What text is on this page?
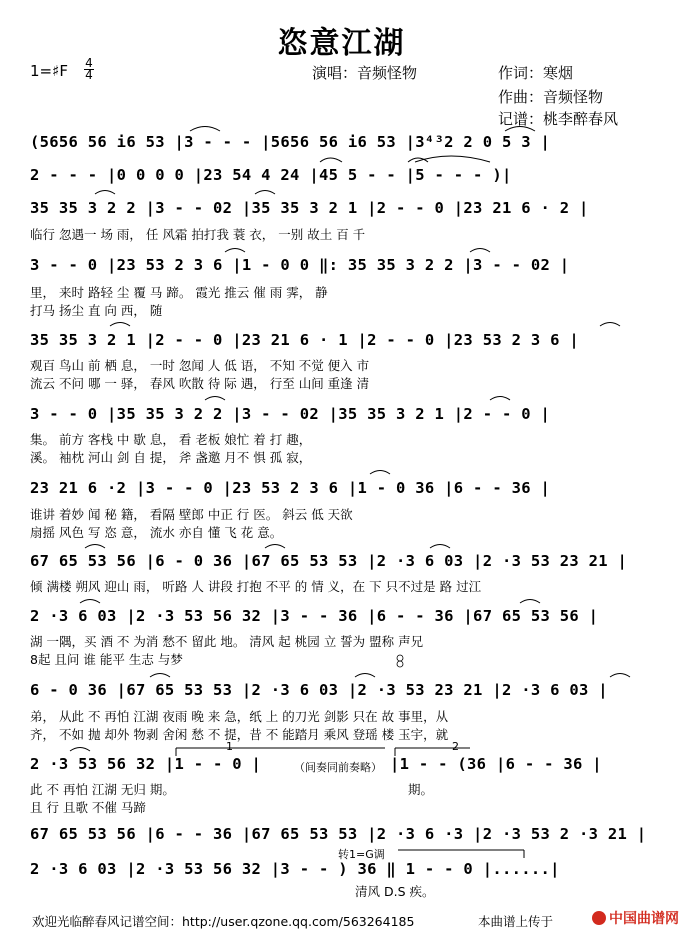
恣意江湖
1=♯F 4
4	演唱：音频怪物	作词：寒烟
作曲：音频怪物
记谱：桃李醉春风
(5656 56 i6 53 |3 - - - |5656 56 i6 53 |3⁴³2 2 0 5 3 |
2 - - - |0 0 0 0 |23 54 4 24 |45 5 - - |5 - - - )|
35 35 3 2 2 |3 - - 02 |35 35 3 2 1 |2 - - 0 |23 21 6 · 2 |
临行 忽遇一 场 雨， 任 风霜 拍打我 蓑 衣， 一别 故土 百 千
3 - - 0 |23 53 2 3 6 |1 - 0 0 ‖: 35 35 3 2 2 |3 - - 02 |
里， 来时 路轻 尘 覆 马 蹄。 霞光 推云 催 雨 霁， 静
打马 扬尘 直 向 西， 随
35 35 3 2 1 |2 - - 0 |23 21 6 · 1 |2 - - 0 |23 53 2 3 6 |
观百 鸟山 前 栖 息， 一时 忽闻 人 低 语， 不知 不觉 便入 市
流云 不问 哪 一 驿， 春风 吹散 待 际 遇， 行至 山间 重逢 清
3 - - 0 |35 35 3 2 2 |3 - - 02 |35 35 3 2 1 |2 - - 0 |
集。 前方 客栈 中 歇 息， 看 老板 娘忙 着 打 趣，
溪。 袖枕 河山 剑 自 提， 斧 盏邀 月不 惧 孤 寂，
23 21 6 ·2 |3 - - 0 |23 53 2 3 6 |1 - 0 36 |6 - - 36 |
谁讲 着妙 闻 秘 籍， 看隔 壁郎 中正 行 医。 斜云 低 天欲
扇摇 风色 写 恣 意， 流水 亦自 懂 飞 花 意。
67 65 53 56 |6 - 0 36 |67 65 53 53 |2 ·3 6 03 |2 ·3 53 23 21 |
倾 满楼 朔风 迎山 雨， 听路 人 讲段 打抱 不平 的 情 义，在 下 只不过是 路 过江
2 ·3 6 03 |2 ·3 53 56 32 |3 - - 36 |6 - - 36 |67 65 53 56 |
湖 一隅，买 酒 不 为消 愁不 留此 地。 清风 起 桃园 立 誓为 盟称 声兄
8起 且问 谁 能平 生志 与梦
6 - 0 36 |67 65 53 53 |2 ·3 6 03 |2 ·3 53 23 21 |2 ·3 6 03 |
弟， 从此 不 再怕 江湖 夜雨 晚 来 急，纸 上 的刀光 剑影 只在 故 事里，从
齐， 不如 抛 却外 物剥 舍闲 愁 不 提，昔 不 能踏月 乘风 登瑶 楼 玉宇，就
2 ·3 53 56 32 |1 - - 0 |	（间奏同前奏略） |1 - - (36 |6 - - 36 |
1	2
此 不 再怕 江湖 无归 期。	期。
且 行 且歌 不催 马蹄
67 65 53 56 |6 - - 36 |67 65 53 53 |2 ·3 6 ·3 |2 ·3 53 2 ·3 21 |
转1=G调
2 ·3 6 03 |2 ·3 53 56 32 |3 - - ) 36 ‖ 1 - - 0 |......|
清风 D.S 疾。
欢迎光临醉春风记谱空间：http://user.qzone.qq.com/563264185	本曲谱上传于	中国曲谱网
